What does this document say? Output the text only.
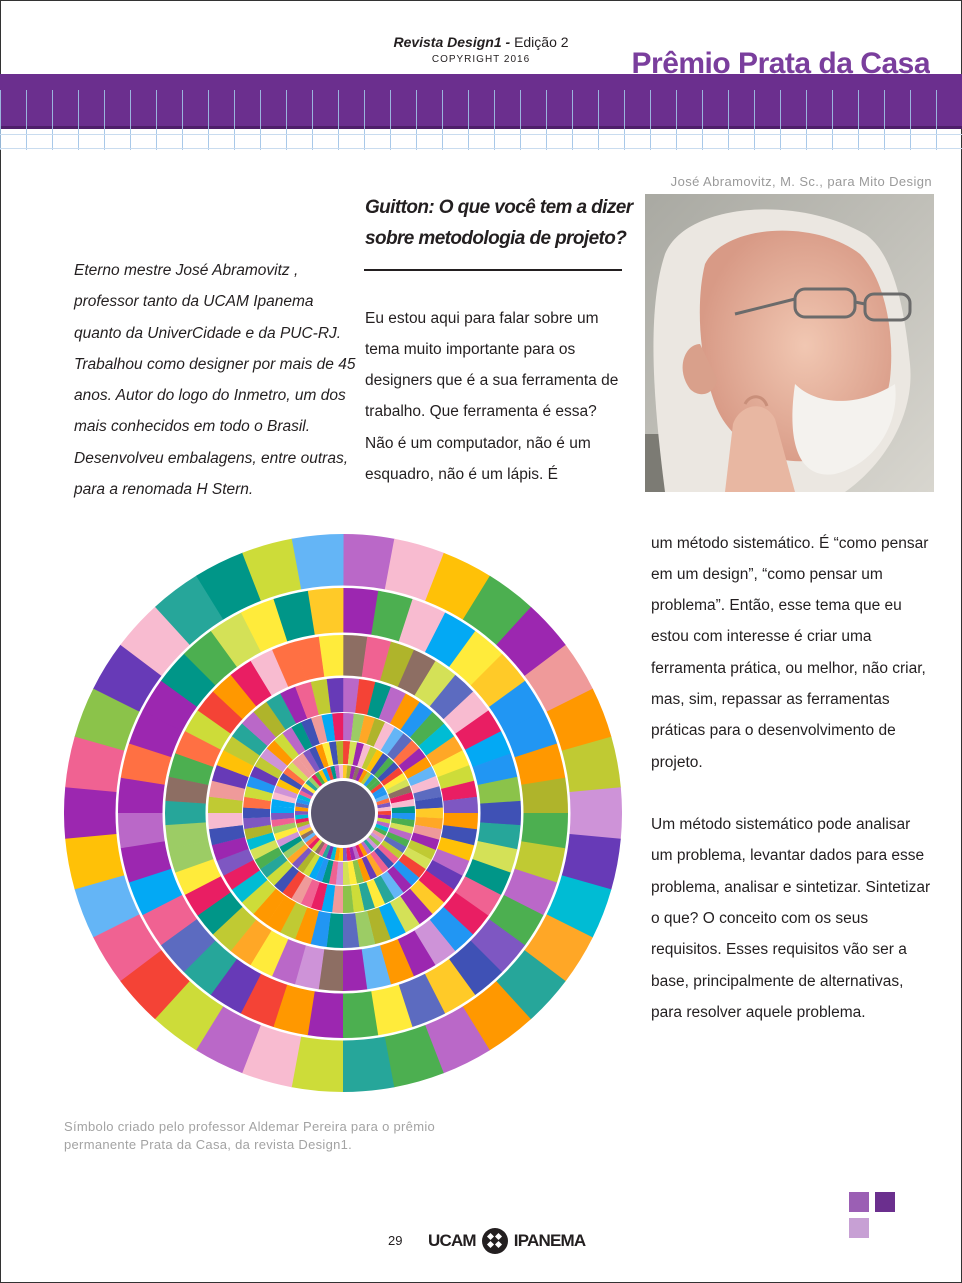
Revista Design1 - Edição 2
COPYRIGHT 2016	Prêmio Prata da Casa
José Abramovitz, M. Sc., para Mito Design
Guitton: O que você tem a dizer sobre metodologia de projeto?

Eterno mestre José Abramovitz , professor tanto da UCAM Ipanema quanto da UniverCidade e da PUC-RJ. Trabalhou como designer por mais de 45 anos. Autor do logo do Inmetro, um dos mais conhecidos em todo o Brasil. Desenvolveu embalagens, entre outras, para a renomada H Stern.

Eu estou aqui para falar sobre um tema muito importante para os designers que é a sua ferramenta de trabalho. Que ferramenta é essa? Não é um computador, não é um esquadro, não é um lápis. É

um método sistemático. É “como pensar em um design”, “como pensar um problema”. Então, esse tema que eu estou com interesse é criar uma ferramenta prática, ou melhor, não criar, mas, sim, repassar as ferramentas práticas para o desenvolvimento de projeto.

Um método sistemático pode analisar um problema, levantar dados para esse problema, analisar e sintetizar. Sintetizar o que? O conceito com os seus requisitos. Esses requisitos vão ser a base, principalmente de alternativas, para resolver aquele problema.

Símbolo criado pelo professor Aldemar Pereira para o prêmio permanente Prata da Casa, da revista Design1.
29 UCAM IPANEMA
